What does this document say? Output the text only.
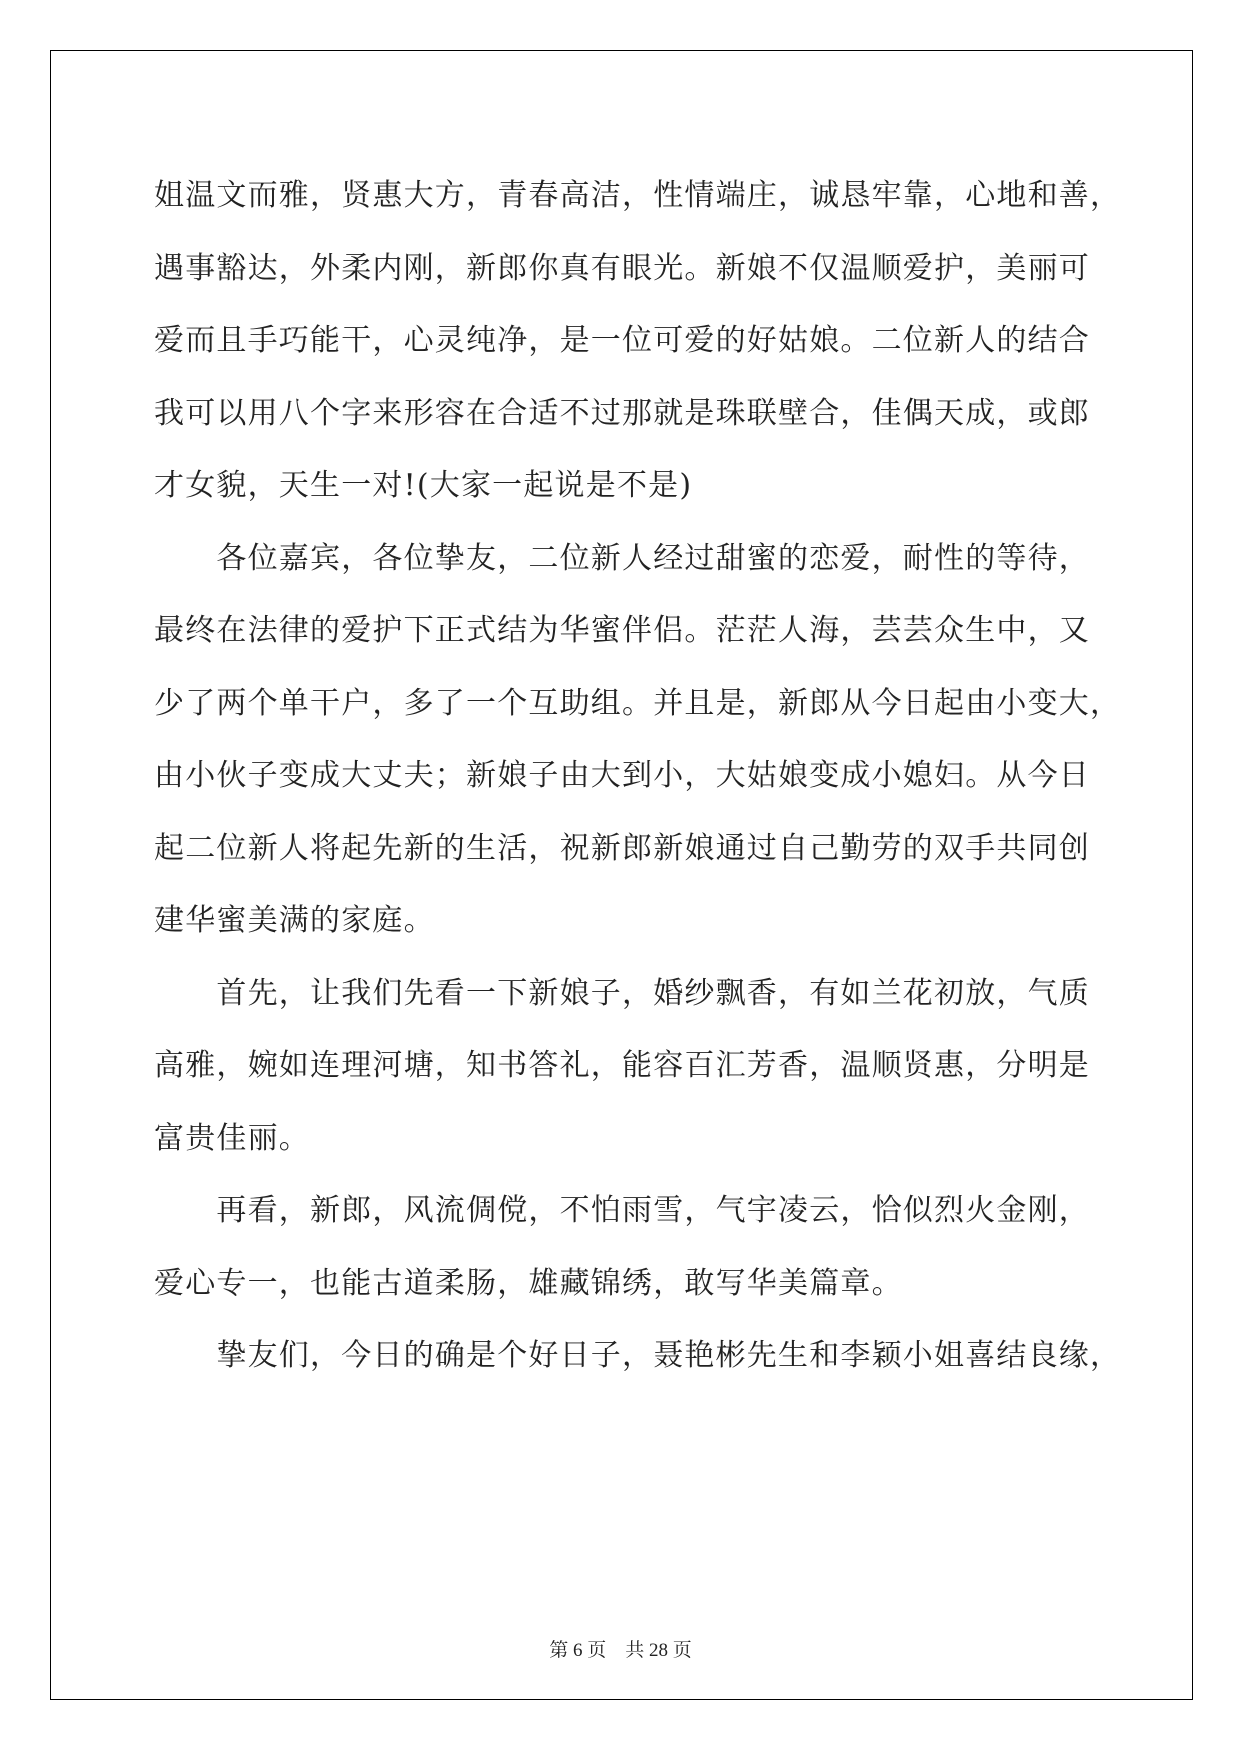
姐温文而雅，贤惠大方，青春高洁，性情端庄，诚恳牢靠，心地和善，
遇事豁达，外柔内刚，新郎你真有眼光。新娘不仅温顺爱护，美丽可
爱而且手巧能干，心灵纯净，是一位可爱的好姑娘。二位新人的结合
我可以用八个字来形容在合适不过那就是珠联壁合，佳偶天成，或郎
才女貌，天生一对!(大家一起说是不是)
　　各位嘉宾，各位挚友，二位新人经过甜蜜的恋爱，耐性的等待，
最终在法律的爱护下正式结为华蜜伴侣。茫茫人海，芸芸众生中，又
少了两个单干户，多了一个互助组。并且是，新郎从今日起由小变大，
由小伙子变成大丈夫；新娘子由大到小，大姑娘变成小媳妇。从今日
起二位新人将起先新的生活，祝新郎新娘通过自己勤劳的双手共同创
建华蜜美满的家庭。
　　首先，让我们先看一下新娘子，婚纱飘香，有如兰花初放，气质
高雅，婉如连理河塘，知书答礼，能容百汇芳香，温顺贤惠，分明是
富贵佳丽。
　　再看，新郎，风流倜傥，不怕雨雪，气宇凌云，恰似烈火金刚，
爱心专一，也能古道柔肠，雄藏锦绣，敢写华美篇章。
　　挚友们，今日的确是个好日子，聂艳彬先生和李颖小姐喜结良缘，
第 6 页 共 28 页
